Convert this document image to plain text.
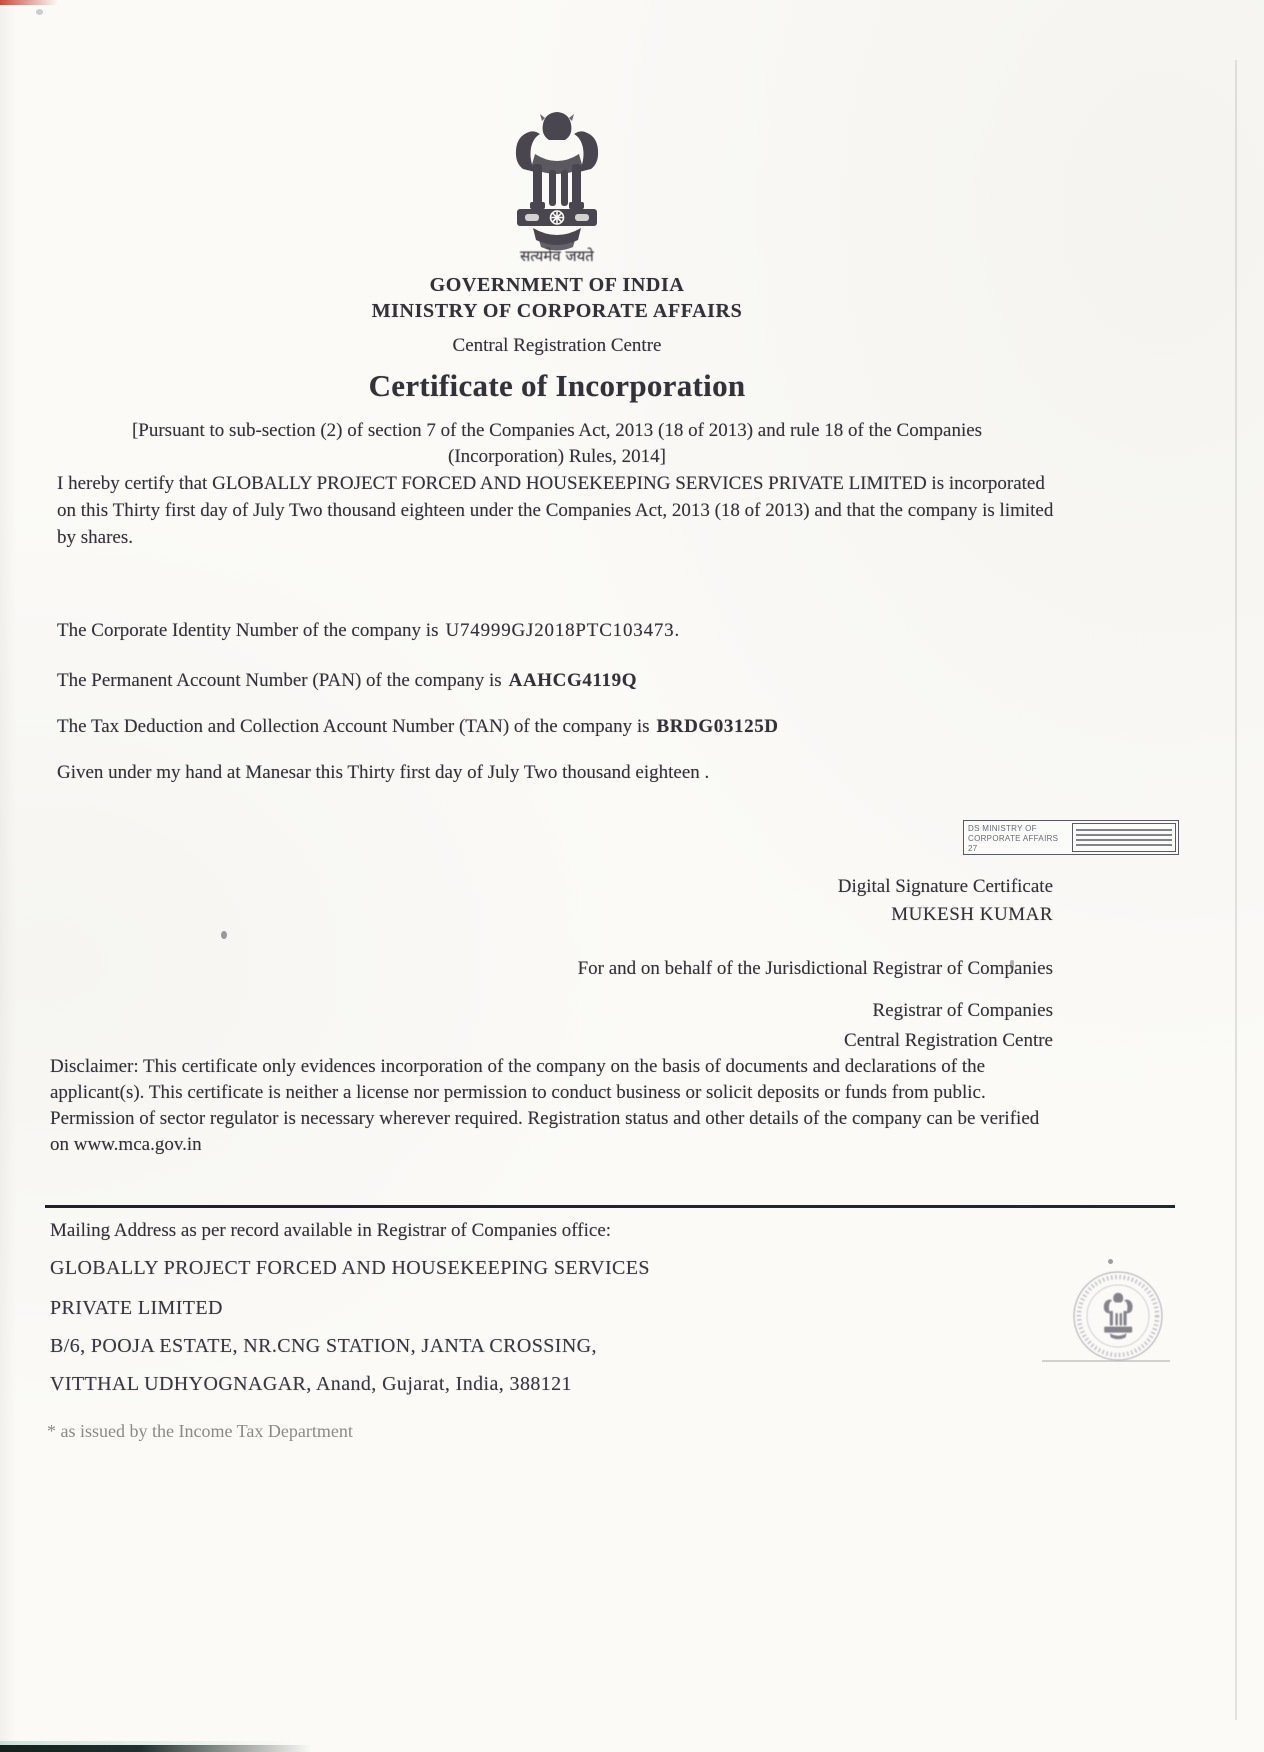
सत्यमेव जयते
GOVERNMENT OF INDIA
MINISTRY OF CORPORATE AFFAIRS
Central Registration Centre
Certificate of Incorporation
[Pursuant to sub-section (2) of section 7 of the Companies Act, 2013 (18 of 2013) and rule 18 of the Companies (Incorporation) Rules, 2014]

I hereby certify that GLOBALLY PROJECT FORCED AND HOUSEKEEPING SERVICES PRIVATE LIMITED is incorporated on this Thirty first day of July Two thousand eighteen under the Companies Act, 2013 (18 of 2013) and that the company is limited by shares.

The Corporate Identity Number of the company is U74999GJ2018PTC103473.
The Permanent Account Number (PAN) of the company is AAHCG4119Q
The Tax Deduction and Collection Account Number (TAN) of the company is BRDG03125D
Given under my hand at Manesar this Thirty first day of July Two thousand eighteen .
DS MINISTRY OF
CORPORATE AFFAIRS 27
Digital Signature Certificate
MUKESH KUMAR
For and on behalf of the Jurisdictional Registrar of Companies
Registrar of Companies
Central Registration Centre

Disclaimer: This certificate only evidences incorporation of the company on the basis of documents and declarations of the applicant(s). This certificate is neither a license nor permission to conduct business or solicit deposits or funds from public. Permission of sector regulator is necessary wherever required. Registration status and other details of the company can be verified on www.mca.gov.in

Mailing Address as per record available in Registrar of Companies office:
GLOBALLY PROJECT FORCED AND HOUSEKEEPING SERVICES
PRIVATE LIMITED
B/6, POOJA ESTATE, NR.CNG STATION, JANTA CROSSING,
VITTHAL UDHYOGNAGAR, Anand, Gujarat, India, 388121
* as issued by the Income Tax Department
